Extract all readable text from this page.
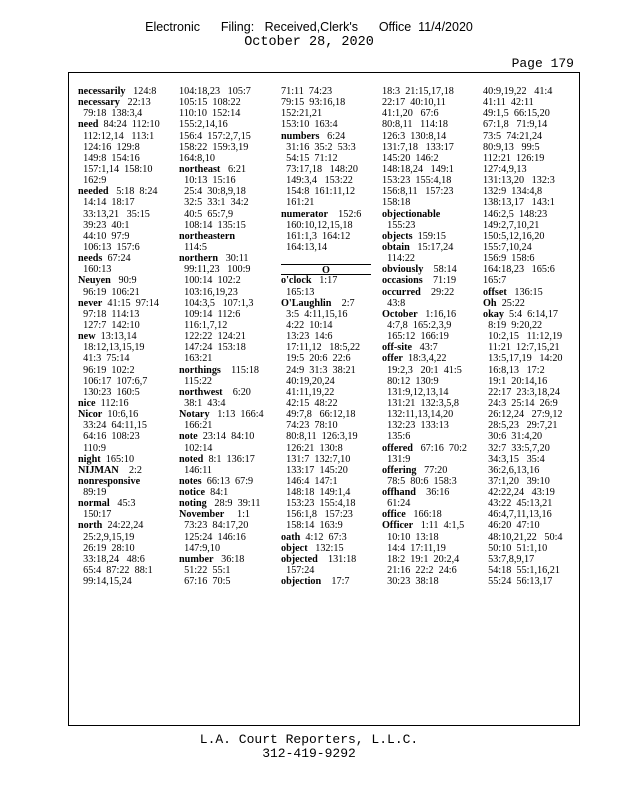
Electronic      Filing:   Received,Clerk's      Office  11/4/2020
October 28, 2020
Page 179
necessarily   124:8
necessary   22:13
79:18  138:3,4
need  84:24  112:10
112:12,14   113:1
124:16  129:8
149:8  154:16
157:1,14  158:10
162:9
needed   5:18  8:24
14:14  18:17
33:13,21   35:15
39:23  40:1
44:10  97:9
106:13  157:6
needs  67:24
160:13
Neuyen   90:9
96:19  106:21
never  41:15  97:14
97:18  114:13
127:7  142:10
new  13:13,14
18:12,13,15,19
41:3  75:14
96:19  102:2
106:17  107:6,7
130:23  160:5
nice  112:16
Nicor  10:6,16
33:24  64:11,15
64:16  108:23
110:9
night  165:10
NIJMAN    2:2
nonresponsive
89:19
normal   45:3
150:17
north  24:22,24
25:2,9,15,19
26:19  28:10
33:18,24   48:6
65:4  87:22  88:1
99:14,15,24
104:18,23   105:7
105:15  108:22
110:10  152:14
155:2,14,16
156:4  157:2,7,15
158:22  159:3,19
164:8,10
northeast   6:21
10:13  15:16
25:4  30:8,9,18
32:5  33:1  34:2
40:5  65:7,9
108:14  135:15
northeastern
114:5
northern   30:11
99:11,23   100:9
100:14  102:2
103:16,19,23
104:3,5   107:1,3
109:14  112:6
116:1,7,12
122:22  124:21
147:24  153:18
163:21
northings    115:18
115:22
northwest    6:20
38:1  43:4
Notary   1:13  166:4
166:21
note  23:14  84:10
102:14
noted  8:1  136:17
146:11
notes  66:13  67:9
notice  84:1
noting   28:9  39:11
November     1:1
73:23  84:17,20
125:24  146:16
147:9,10
number   36:18
51:22  55:1
67:16  70:5
71:11  74:23
79:15  93:16,18
152:21,21
153:10  163:4
numbers   6:24
31:16  35:2  53:3
54:15  71:12
73:17,18   148:20
149:3,4   153:22
154:8  161:11,12
161:21
numerator    152:6
160:10,12,15,18
161:1,3  164:12
164:13,14
O
o'clock   1:17
165:13
O'Laughlin    2:7
3:5  4:11,15,16
4:22  10:14
13:23  14:6
17:11,12   18:5,22
19:5  20:6  22:6
24:9  31:3  38:21
40:19,20,24
41:11,19,22
42:15  48:22
49:7,8   66:12,18
74:23  78:10
80:8,11  126:3,19
126:21  130:8
131:7  132:7,10
133:17  145:20
146:4  147:1
148:18  149:1,4
153:23  155:4,18
156:1,8   157:23
158:14  163:9
oath  4:12  67:3
object   132:15
objected    131:18
157:24
objection    17:7
18:3  21:15,17,18
22:17  40:10,11
41:1,20   67:6
80:8,11   114:18
126:3  130:8,14
131:7,18   133:17
145:20  146:2
148:18,24   149:1
153:23  155:4,18
156:8,11   157:23
158:18
objectionable
155:23
objects  159:15
obtain   15:17,24
114:22
obviously    58:14
occasions    71:19
occurred    29:22
43:8
October   1:16,16
4:7,8  165:2,3,9
165:12  166:19
off-site   43:7
offer  18:3,4,22
19:2,3   20:1  41:5
80:12  130:9
131:9,12,13,14
131:21  132:3,5,8
132:11,13,14,20
132:23  133:13
135:6
offered   67:16  70:2
131:9
offering   77:20
78:5  80:6  158:3
offhand    36:16
61:24
office   166:18
Officer   1:11  4:1,5
10:10  13:18
14:4  17:11,19
18:2  19:1  20:2,4
21:16  22:2  24:6
30:23  38:18
40:9,19,22   41:4
41:11  42:11
49:1,5  66:15,20
67:1,8   71:9,14
73:5  74:21,24
80:9,13   99:5
112:21  126:19
127:4,9,13
131:13,20   132:3
132:9  134:4,8
138:13,17   143:1
146:2,5  148:23
149:2,7,10,21
150:5,12,16,20
155:7,10,24
156:9  158:6
164:18,23   165:6
165:7
offset   136:15
Oh  25:22
okay  5:4  6:14,17
8:19  9:20,22
10:2,15   11:12,19
11:21  12:7,15,21
13:5,17,19   14:20
16:8,13   17:2
19:1  20:14,16
22:17  23:3,18,24
24:3  25:14  26:9
26:12,24   27:9,12
28:5,23   29:7,21
30:6  31:4,20
32:7  33:5,7,20
34:3,15   35:4
36:2,6,13,16
37:1,20   39:10
42:22,24   43:19
43:22  45:13,21
46:4,7,11,13,16
46:20  47:10
48:10,21,22   50:4
50:10  51:1,10
53:7,8,9,17
54:18  55:1,16,21
55:24  56:13,17
L.A. Court Reporters, L.L.C.
312-419-9292
